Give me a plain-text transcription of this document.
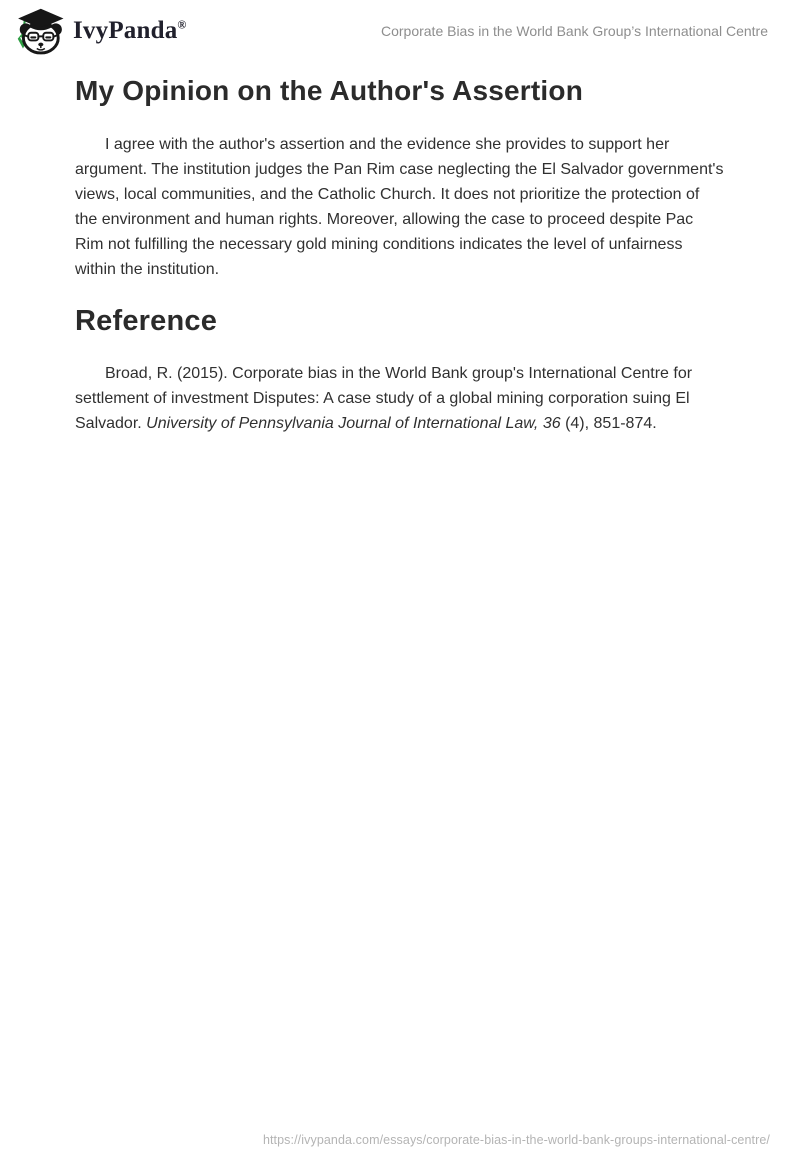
IvyPanda®	Corporate Bias in the World Bank Group’s International Centre
My Opinion on the Author's Assertion

I agree with the author's assertion and the evidence she provides to support her argument. The institution judges the Pan Rim case neglecting the El Salvador government's views, local communities, and the Catholic Church. It does not prioritize the protection of the environment and human rights. Moreover, allowing the case to proceed despite Pac Rim not fulfilling the necessary gold mining conditions indicates the level of unfairness within the institution.

Reference

Broad, R. (2015). Corporate bias in the World Bank group's International Centre for settlement of investment Disputes: A case study of a global mining corporation suing El Salvador. University of Pennsylvania Journal of International Law, 36 (4), 851-874.

https://ivypanda.com/essays/corporate-bias-in-the-world-bank-groups-international-centre/
